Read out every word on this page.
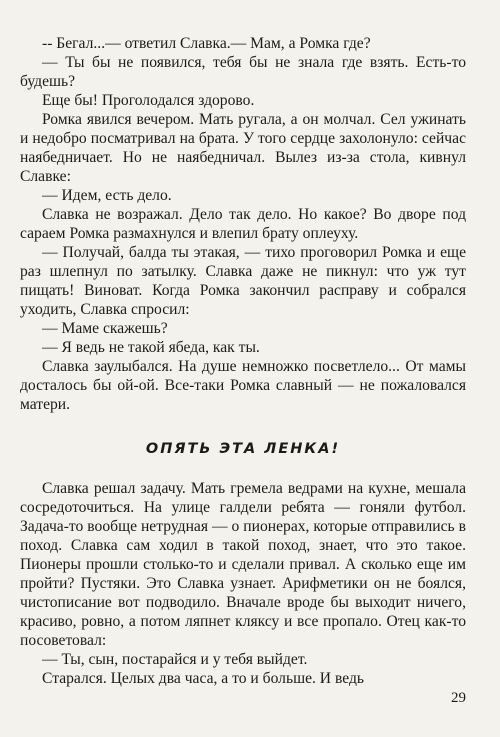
-- Бегал...— ответил Славка.— Мам, а Ромка где?

— Ты бы не появился, тебя бы не знала где взять. Есть-то будешь?

Еще бы! Проголодался здорово.

Ромка явился вечером. Мать ругала, а он молчал. Сел ужинать и недобро посматривал на брата. У того сердце захолонуло: сейчас наябедничает. Но не наябедничал. Вылез из-за стола, кивнул Славке:

— Идем, есть дело.

Славка не возражал. Дело так дело. Но какое? Во дворе под сараем Ромка размахнулся и влепил брату оплеуху.

— Получай, балда ты этакая, — тихо проговорил Ромка и еще раз шлепнул по затылку. Славка даже не пикнул: что уж тут пищать! Виноват. Когда Ромка закончил расправу и собрался уходить, Славка спросил:

— Маме скажешь?

— Я ведь не такой ябеда, как ты.

Славка заулыбался. На душе немножко посветлело... От мамы досталось бы ой-ой. Все-таки Ромка славный — не пожаловался матери.

ОПЯТЬ ЭТА ЛЕНКА!

Славка решал задачу. Мать гремела ведрами на кухне, мешала сосредоточиться. На улице галдели ребята — гоняли футбол. Задача-то вообще нетрудная — о пионерах, которые отправились в поход. Славка сам ходил в такой поход, знает, что это такое. Пионеры прошли столько-то и сделали привал. А сколько еще им пройти? Пустяки. Это Славка узнает. Арифметики он не боялся, чистописание вот подводило. Вначале вроде бы выходит ничего, красиво, ровно, а потом ляпнет кляксу и все пропало. Отец как-то посоветовал:

— Ты, сын, постарайся и у тебя выйдет.

Старался. Целых два часа, а то и больше. И ведь

29
